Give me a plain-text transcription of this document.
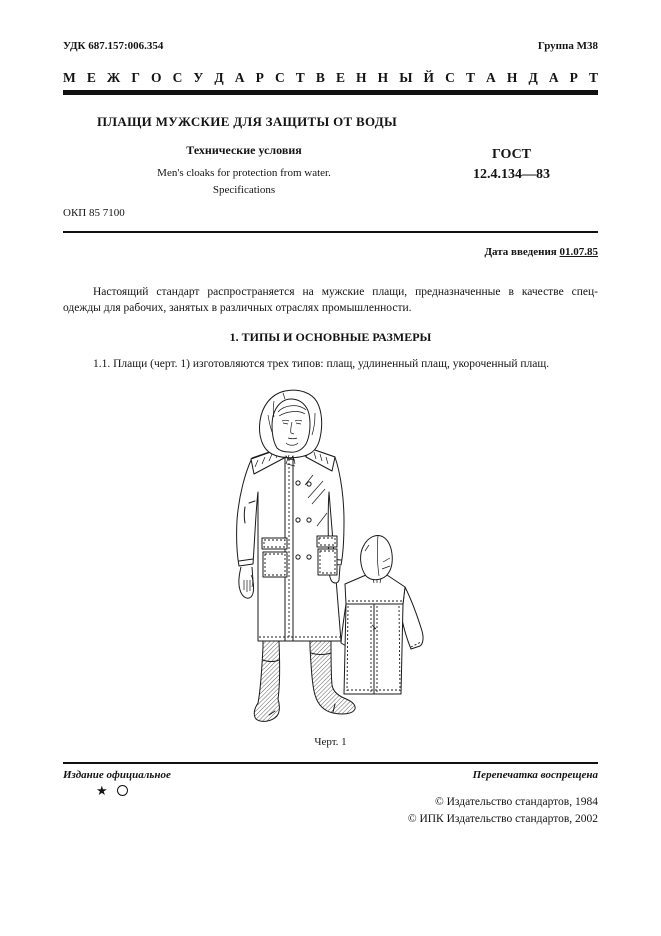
УДК 687.157:006.354	Группа М38
М Е Ж Г О С У Д А Р С Т В Е Н Н Ы Й С Т А Н Д А Р Т
ПЛАЩИ МУЖСКИЕ ДЛЯ ЗАЩИТЫ ОТ ВОДЫ
Технические условия
Men's cloaks for protection from water.
Specifications
ГОСТ
12.4.134—83
ОКП 85 7100
Дата введения 01.07.85
Настоящий стандарт распространяется на мужские плащи, предназначенные в качестве спец-
одежды для рабочих, занятых в различных отраслях промышленности.
1. ТИПЫ И ОСНОВНЫЕ РАЗМЕРЫ
1.1. Плащи (черт. 1) изготовляются трех типов: плащ, удлиненный плащ, укороченный плащ.
Черт. 1
Издание официальное	Перепечатка воспрещена
★
© Издательство стандартов, 1984
© ИПК Издательство стандартов, 2002
